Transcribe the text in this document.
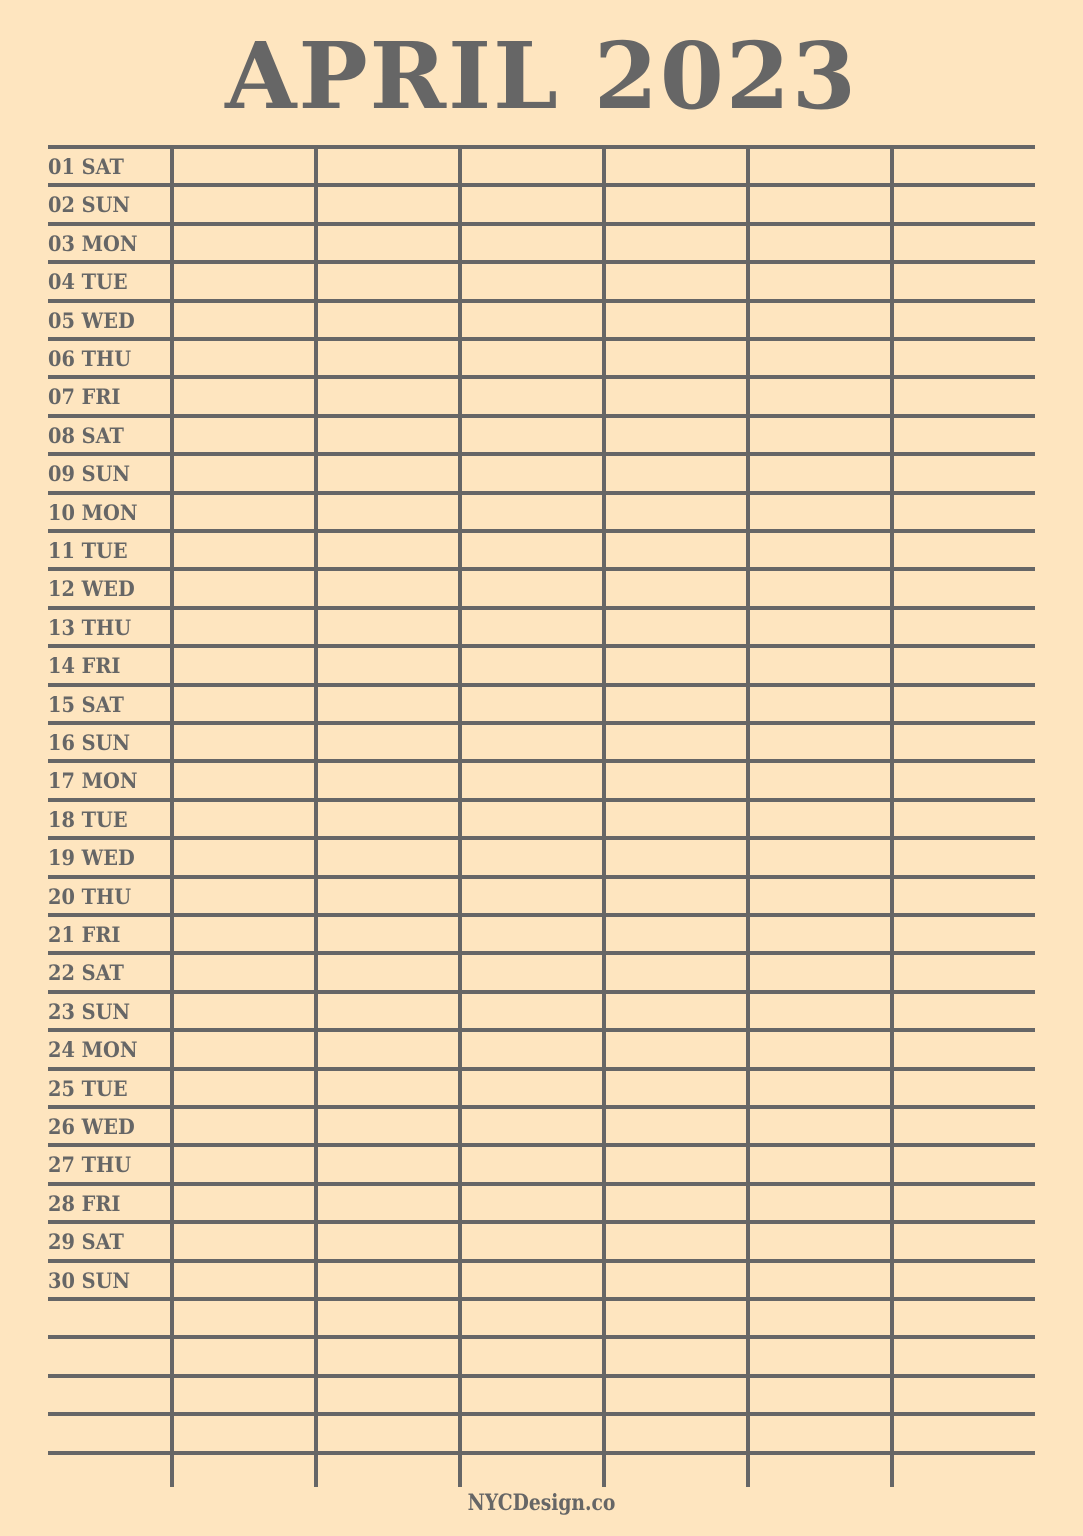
APRIL 2023
01 SAT
02 SUN
03 MON
04 TUE
05 WED
06 THU
07 FRI
08 SAT
09 SUN
10 MON
11 TUE
12 WED
13 THU
14 FRI
15 SAT
16 SUN
17 MON
18 TUE
19 WED
20 THU
21 FRI
22 SAT
23 SUN
24 MON
25 TUE
26 WED
27 THU
28 FRI
29 SAT
30 SUN
NYCDesign.co
